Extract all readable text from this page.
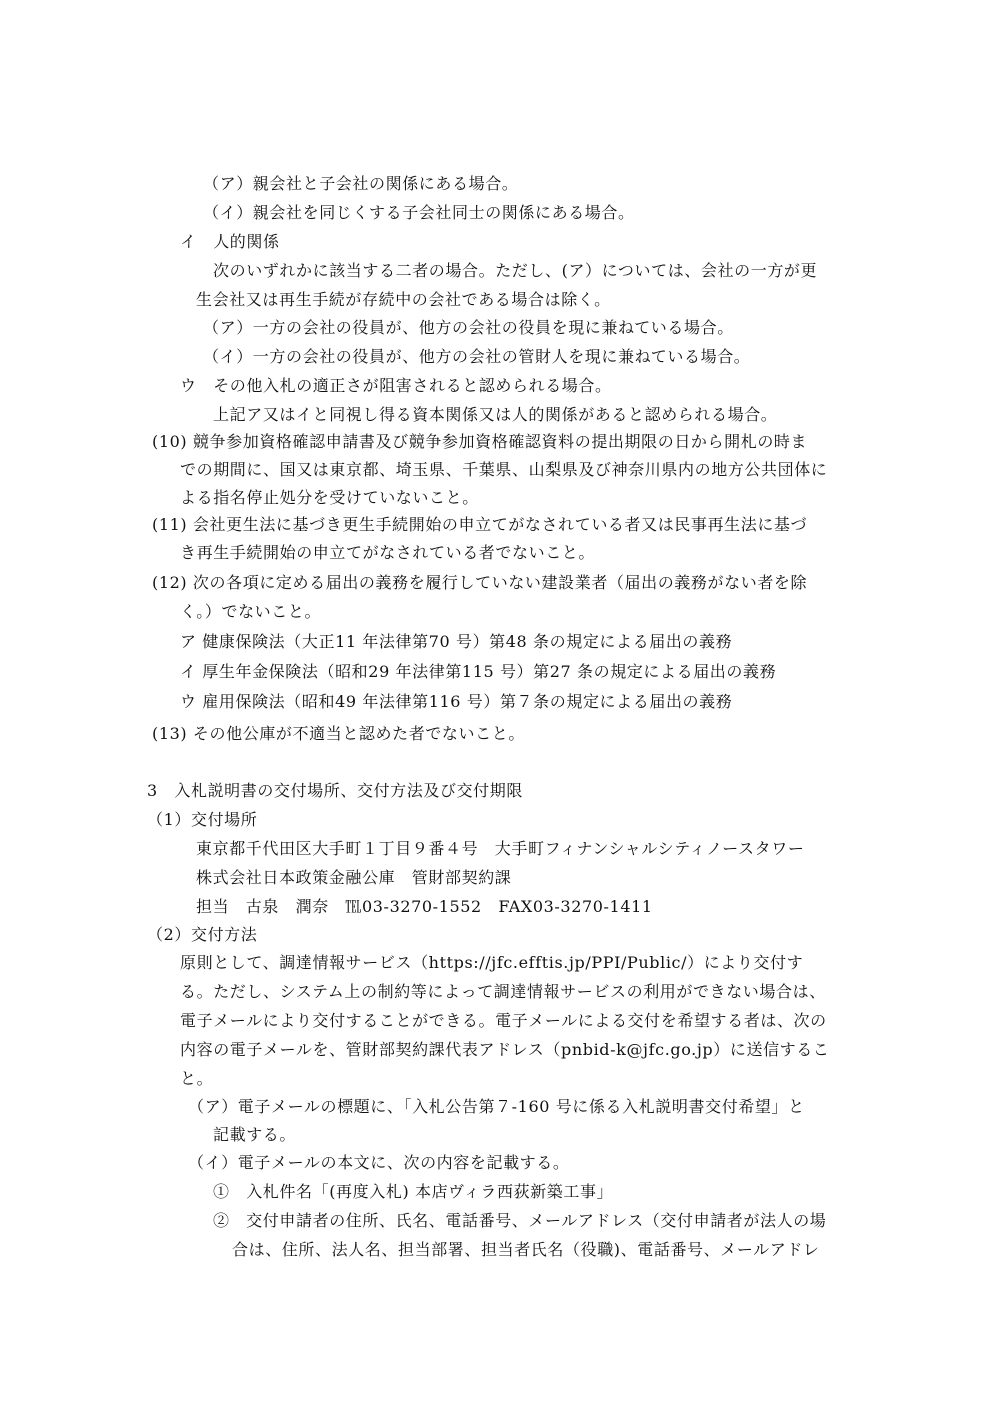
（ア）親会社と子会社の関係にある場合。
（イ）親会社を同じくする子会社同士の関係にある場合。
イ　人的関係
次のいずれかに該当する二者の場合。ただし、(ア）については、会社の一方が更
生会社又は再生手続が存続中の会社である場合は除く。
（ア）一方の会社の役員が、他方の会社の役員を現に兼ねている場合。
（イ）一方の会社の役員が、他方の会社の管財人を現に兼ねている場合。
ウ　その他入札の適正さが阻害されると認められる場合。
上記ア又はイと同視し得る資本関係又は人的関係があると認められる場合。
(10) 競争参加資格確認申請書及び競争参加資格確認資料の提出期限の日から開札の時ま
での期間に、国又は東京都、埼玉県、千葉県、山梨県及び神奈川県内の地方公共団体に
よる指名停止処分を受けていないこと。
(11) 会社更生法に基づき更生手続開始の申立てがなされている者又は民事再生法に基づ
き再生手続開始の申立てがなされている者でないこと。
(12) 次の各項に定める届出の義務を履行していない建設業者（届出の義務がない者を除
く。）でないこと。
ア 健康保険法（大正11 年法律第70 号）第48 条の規定による届出の義務
イ 厚生年金保険法（昭和29 年法律第115 号）第27 条の規定による届出の義務
ウ 雇用保険法（昭和49 年法律第116 号）第７条の規定による届出の義務
(13) その他公庫が不適当と認めた者でないこと。
3　入札説明書の交付場所、交付方法及び交付期限
（1）交付場所
東京都千代田区大手町１丁目９番４号　大手町フィナンシャルシティノースタワー
株式会社日本政策金融公庫　管財部契約課
担当　古泉　潤奈　℡03-3270-1552　FAX03-3270-1411
（2）交付方法
原則として、調達情報サービス（https://jfc.efftis.jp/PPI/Public/）により交付す
る。ただし、システム上の制約等によって調達情報サービスの利用ができない場合は、
電子メールにより交付することができる。電子メールによる交付を希望する者は、次の
内容の電子メールを、管財部契約課代表アドレス（pnbid-k@jfc.go.jp）に送信するこ
と。
（ア）電子メールの標題に、「入札公告第７-160 号に係る入札説明書交付希望」と
記載する。
（イ）電子メールの本文に、次の内容を記載する。
①　入札件名「(再度入札) 本店ヴィラ西荻新築工事」
②　交付申請者の住所、氏名、電話番号、メールアドレス（交付申請者が法人の場
合は、住所、法人名、担当部署、担当者氏名（役職)、電話番号、メールアドレ
